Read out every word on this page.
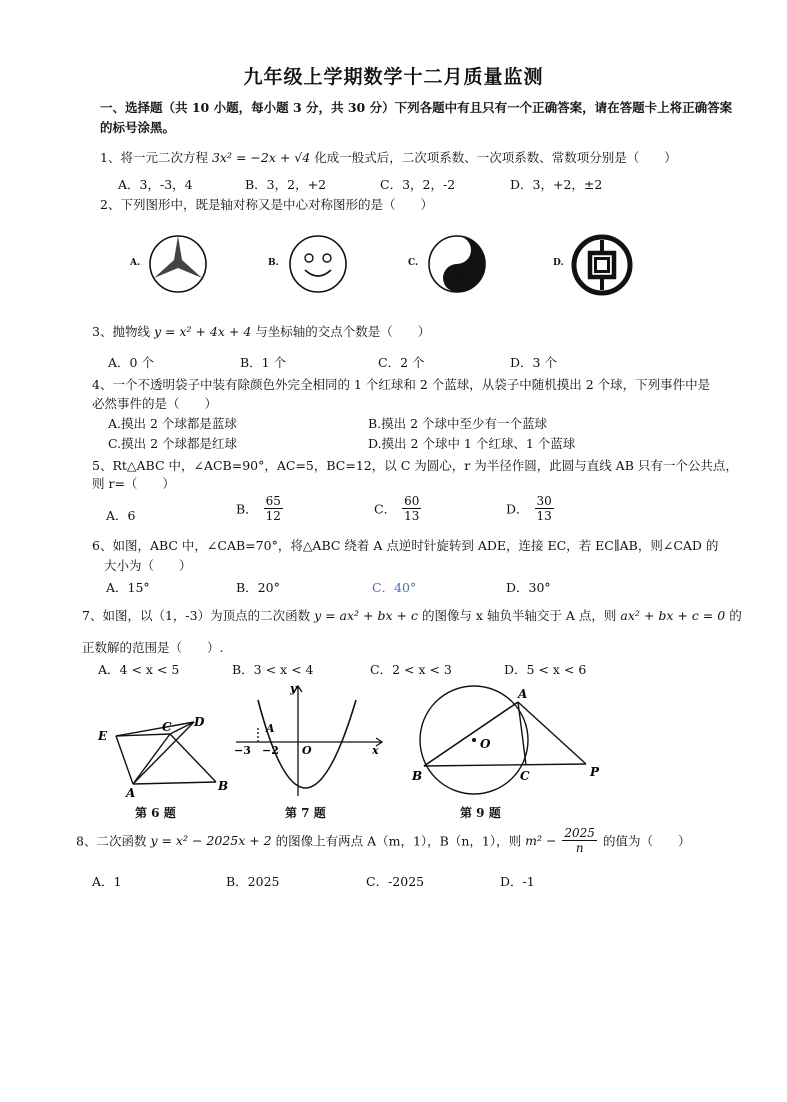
九年级上学期数学十二月质量监测
一、选择题（共 10 小题，每小题 3 分，共 30 分）下列各题中有且只有一个正确答案，请在答题卡上将正确答案
的标号涂黑。
1、将一元二次方程 3x² = −2x + √4 化成一般式后，二次项系数、一次项系数、常数项分别是（　　）
A．3，-3，4	B．3，2，+2	C．3，2，-2	D．3，+2，±2
2、下列图形中，既是轴对称又是中心对称图形的是（　　）
A.	B.	C.	D.
3、抛物线 y = x² + 4x + 4 与坐标轴的交点个数是（　　）
A．0 个	B．1 个	C．2 个	D．3 个
4、一个不透明袋子中装有除颜色外完全相同的 1 个红球和 2 个蓝球，从袋子中随机摸出 2 个球，下列事件中是
必然事件的是（　　）
A.摸出 2 个球都是蓝球	B.摸出 2 个球中至少有一个蓝球
C.摸出 2 个球都是红球	D.摸出 2 个球中 1 个红球、1 个蓝球
5、Rt△ABC 中，∠ACB=90°，AC=5，BC=12，以 C 为圆心，r 为半径作圆，此圆与直线 AB 只有一个公共点，
则 r=（　　）
A．6	B． $\frac{65}{12}$	C． $\frac{60}{13}$	D． $\frac{30}{13}$
6、如图，ABC 中，∠CAB=70°，将△ABC 绕着 A 点逆时针旋转到 ADE，连接 EC，若 EC∥AB，则∠CAD 的
大小为（　　）
A．15°	B．20°	C．40°	D．30°
7、如图，以（1，-3）为顶点的二次函数 y = ax² + bx + c 的图像与 x 轴负半轴交于 A 点，则 ax² + bx + c = 0 的
正数解的范围是（　　）.
A．4 < x < 5	B．3 < x < 4	C．2 < x < 3	D．5 < x < 6
E
C D
A	B
第 6 题
y
A
−3 −2 O	x
第 7 题
A
O
B	C	P
第 9 题
8、二次函数 y = x² − 2025x + 2 的图像上有两点 A（m，1），B（n，1），则 $m^2 - \frac{2025}{n}$ 的值为（　　）
A．1	B．2025	C．-2025	D．-1
